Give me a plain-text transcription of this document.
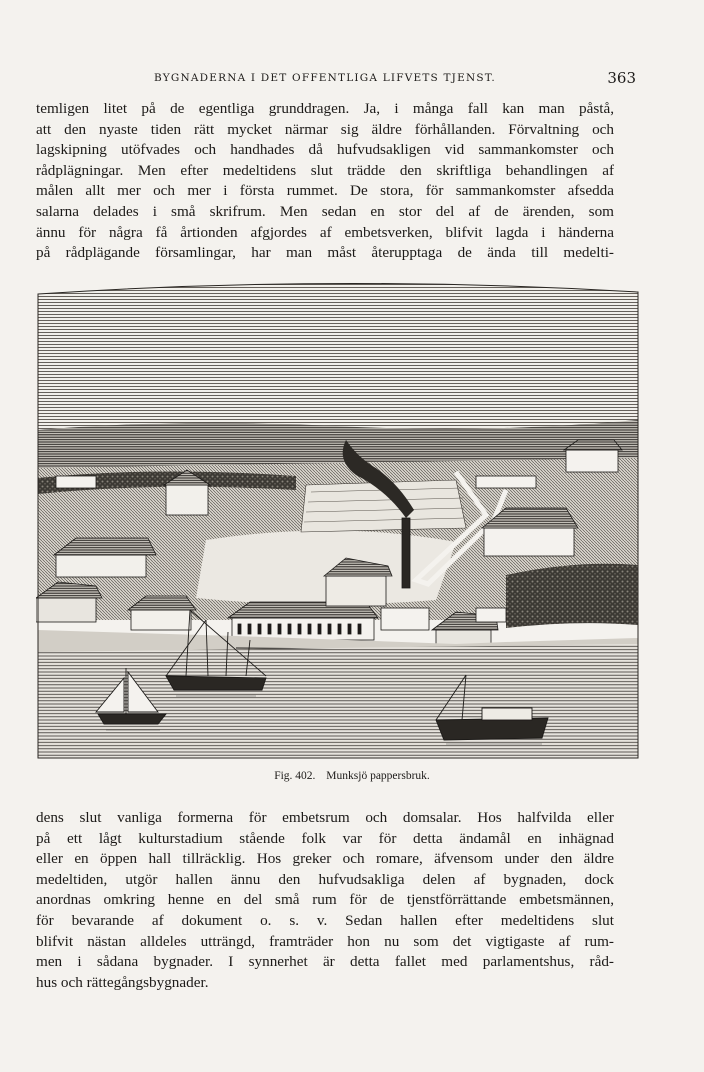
BYGNADERNA I DET OFFENTLIGA LIFVETS TJENST.	363
temligen litet på de egentliga grunddragen. Ja, i många fall kan man påstå,
att den nyaste tiden rätt mycket närmar sig äldre förhållanden. Förvaltning och
lagskipning utöfvades och handhades då hufvudsakligen vid sammankomster och
rådplägningar. Men efter medeltidens slut trädde den skriftliga behandlingen af
målen allt mer och mer i första rummet. De stora, för sammankomster afsedda
salarna delades i små skrifrum. Men sedan en stor del af de ärenden, som
ännu för några få årtionden afgjordes af embetsverken, blifvit lagda i händerna
på rådplägande församlingar, har man måst återupptaga de ända till medelti-
Fig. 402. Munksjö pappersbruk.
dens slut vanliga formerna för embetsrum och domsalar. Hos halfvilda eller
på ett lågt kulturstadium stående folk var för detta ändamål en inhägnad
eller en öppen hall tillräcklig. Hos greker och romare, äfvensom under den äldre
medeltiden, utgör hallen ännu den hufvudsakliga delen af bygnaden, dock
anordnas omkring henne en del små rum för de tjenstförrättande embetsmännen,
för bevarande af dokument o. s. v. Sedan hallen efter medeltidens slut
blifvit nästan alldeles utträngd, framträder hon nu som det vigtigaste af rum-
men i sådana bygnader. I synnerhet är detta fallet med parlamentshus, råd-
hus och rättegångsbygnader.
